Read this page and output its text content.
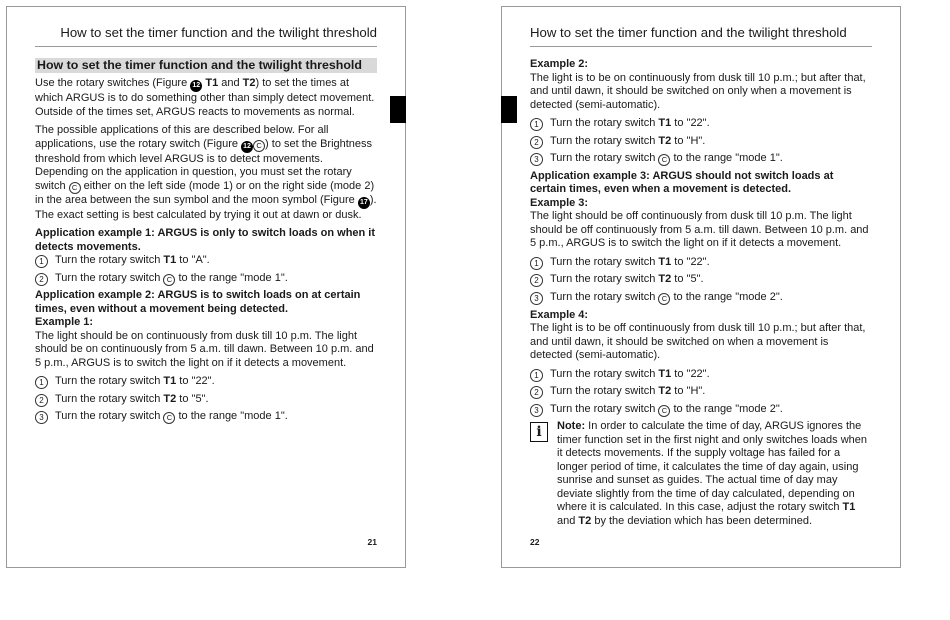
How to set the timer function and the twilight threshold
How to set the timer function and the twilight threshold

Use the rotary switches (Figure 12 T1 and T2) to set the times at which ARGUS is to do something other than simply detect movement. Outside of the times set, ARGUS reacts to movements as normal.

The possible applications of this are described below. For all applications, use the rotary switch (Figure 12 C ) to set the Brightness threshold from which level ARGUS is to detect movements. Depending on the application in question, you must set the rotary switch C either on the left side (mode 1) or on the right side (mode 2) in the area between the sun symbol and the moon symbol (Figure 17 ). The exact setting is best calculated by trying it out at dawn or dusk.

Application example 1: ARGUS is only to switch loads on when it detects movements.
1	Turn the rotary switch T1 to "A".
2	Turn the rotary switch C to the range "mode 1".
Application example 2: ARGUS is to switch loads on at certain times, even without a movement being detected.
Example 1:

The light should be on continuously from dusk till 10 p.m. The light should be on continuously from 5 a.m. till dawn. Between 10 p.m. and 5 p.m., ARGUS is to switch the light on if it detects a movement.

1	Turn the rotary switch T1 to "22".
2	Turn the rotary switch T2 to "5".
3	Turn the rotary switch C to the range "mode 1".
21
How to set the timer function and the twilight threshold
Example 2:

The light is to be on continuously from dusk till 10 p.m.; but after that, and until dawn, it should be switched on only when a movement is detected (semi-automatic).

1	Turn the rotary switch T1 to "22".
2	Turn the rotary switch T2 to "H".
3	Turn the rotary switch C to the range "mode 1".
Application example 3: ARGUS should not switch loads at certain times, even when a movement is detected.
Example 3:

The light should be off continuously from dusk till 10 p.m. The light should be off continuously from 5 a.m. till dawn. Between 10 p.m. and 5 p.m., ARGUS is to switch the light on if it detects a movement.

1	Turn the rotary switch T1 to "22".
2	Turn the rotary switch T2 to "5".
3	Turn the rotary switch C to the range "mode 2".
Example 4:

The light is to be off continuously from dusk till 10 p.m.; but after that, and until dawn, it should be switched on when a movement is detected (semi-automatic).

1	Turn the rotary switch T1 to "22".
2	Turn the rotary switch T2 to "H".
3	Turn the rotary switch C to the range "mode 2".
i	Note: In order to calculate the time of day, ARGUS ignores the timer function set in the first night and only switches loads when it detects movements. If the supply voltage has failed for a longer period of time, it calculates the time of day again, using sunrise and sunset as guides. The actual time of day may deviate slightly from the time of day calculated, depending on where it is calculated. In this case, adjust the rotary switch T1 and T2 by the deviation which has been determined.

22
